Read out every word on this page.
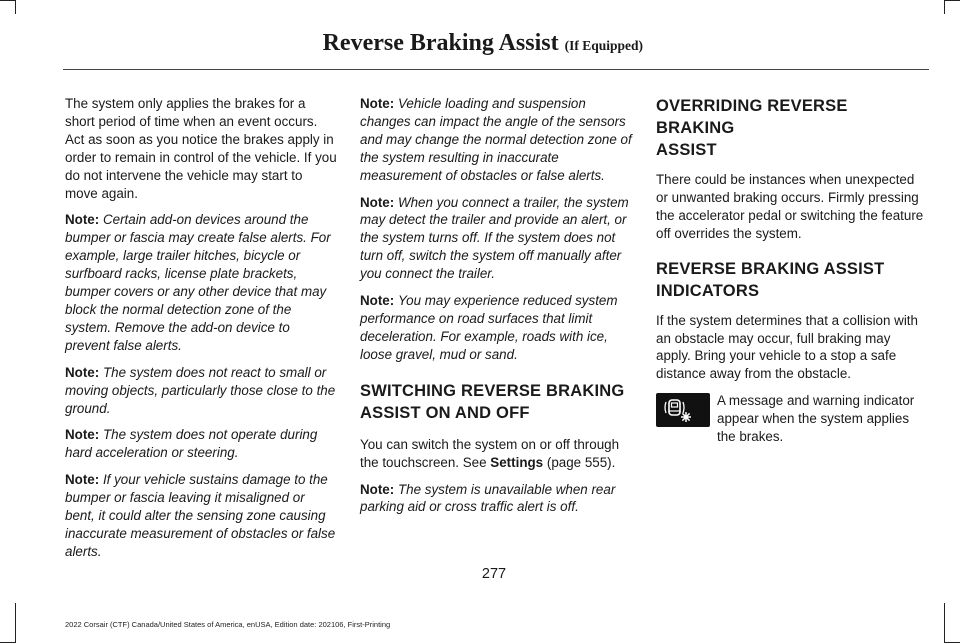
Reverse Braking Assist (If Equipped)

The system only applies the brakes for a short period of time when an event occurs. Act as soon as you notice the brakes apply in order to remain in control of the vehicle. If you do not intervene the vehicle may start to move again.

Note: Certain add-on devices around the bumper or fascia may create false alerts. For example, large trailer hitches, bicycle or surfboard racks, license plate brackets, bumper covers or any other device that may block the normal detection zone of the system. Remove the add-on device to prevent false alerts.

Note: The system does not react to small or moving objects, particularly those close to the ground.

Note: The system does not operate during hard acceleration or steering.

Note: If your vehicle sustains damage to the bumper or fascia leaving it misaligned or bent, it could alter the sensing zone causing inaccurate measurement of obstacles or false alerts.

Note: Vehicle loading and suspension changes can impact the angle of the sensors and may change the normal detection zone of the system resulting in inaccurate measurement of obstacles or false alerts.

Note: When you connect a trailer, the system may detect the trailer and provide an alert, or the system turns off. If the system does not turn off, switch the system off manually after you connect the trailer.

Note: You may experience reduced system performance on road surfaces that limit deceleration. For example, roads with ice, loose gravel, mud or sand.

SWITCHING REVERSE BRAKING
ASSIST ON AND OFF

You can switch the system on or off through the touchscreen. See Settings (page 555).

Note: The system is unavailable when rear parking aid or cross traffic alert is off.

OVERRIDING REVERSE BRAKING
ASSIST

There could be instances when unexpected or unwanted braking occurs. Firmly pressing the accelerator pedal or switching the feature off overrides the system.

REVERSE BRAKING ASSIST
INDICATORS

If the system determines that a collision with an obstacle may occur, full braking may apply. Bring your vehicle to a stop a safe distance away from the obstacle.

A message and warning indicator appear when the system applies the brakes.

277
2022 Corsair (CTF) Canada/United States of America, enUSA, Edition date: 202106, First-Printing
